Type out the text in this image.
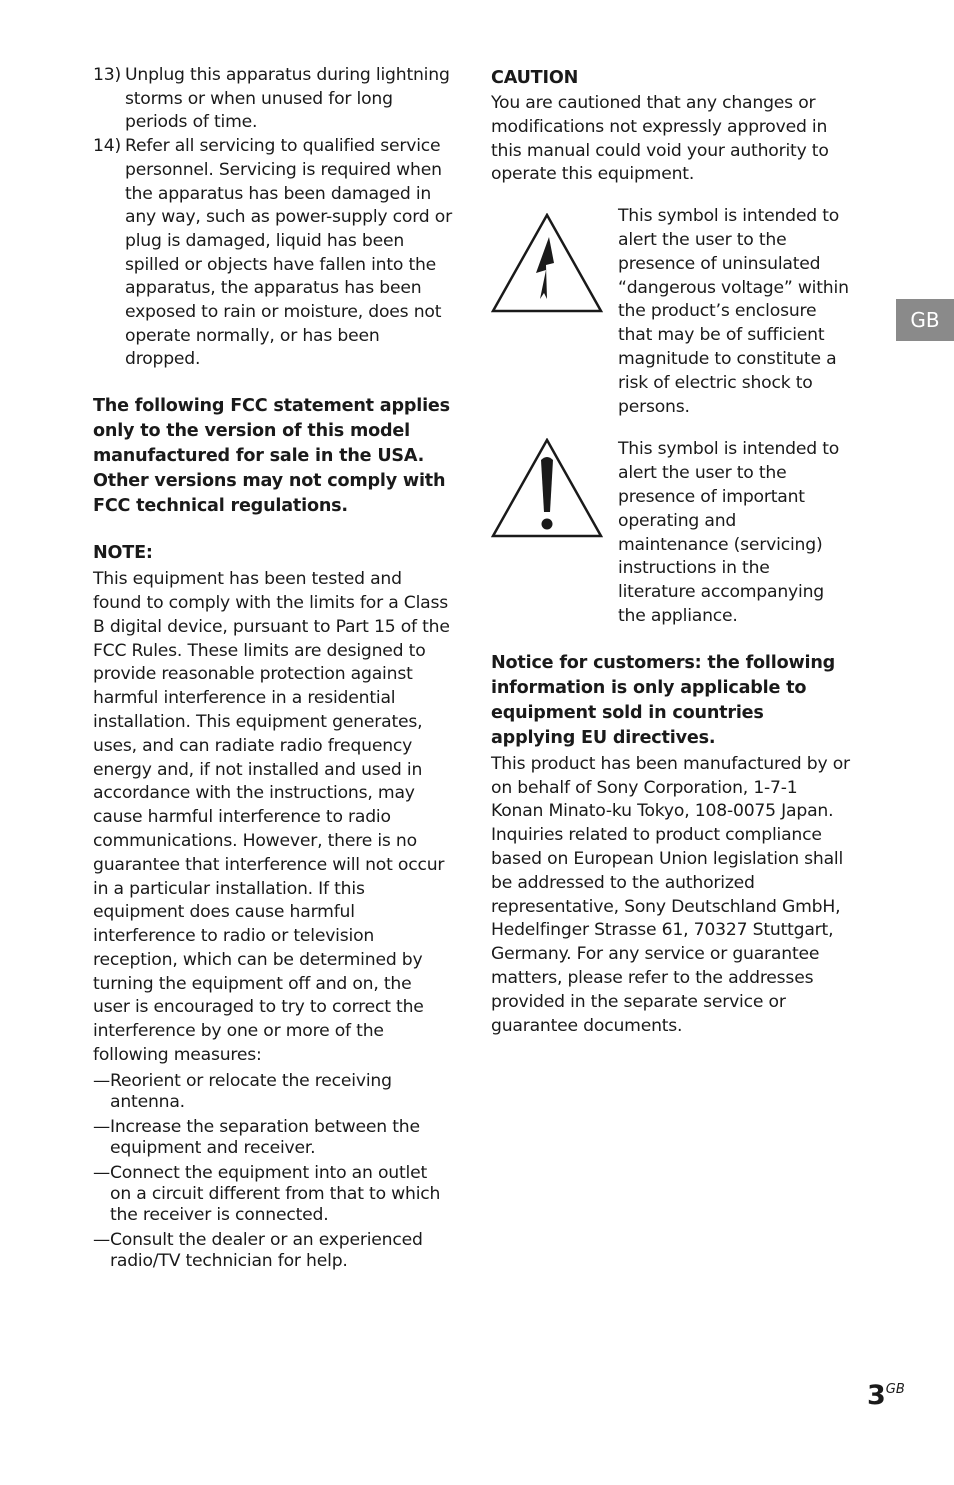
13) Unplug this apparatus during lightning storms or when unused for long periods of time.
14) Refer all servicing to qualified service personnel. Servicing is required when the apparatus has been damaged in any way, such as power-supply cord or plug is damaged, liquid has been spilled or objects have fallen into the apparatus, the apparatus has been exposed to rain or moisture, does not operate normally, or has been dropped.

The following FCC statement applies only to the version of this model manufactured for sale in the USA. Other versions may not comply with FCC technical regulations.

NOTE:

This equipment has been tested and found to comply with the limits for a Class B digital device, pursuant to Part 15 of the FCC Rules. These limits are designed to provide reasonable protection against harmful interference in a residential installation. This equipment generates, uses, and can radiate radio frequency energy and, if not installed and used in accordance with the instructions, may cause harmful interference to radio communications. However, there is no guarantee that interference will not occur in a particular installation. If this equipment does cause harmful interference to radio or television reception, which can be determined by turning the equipment off and on, the user is encouraged to try to correct the interference by one or more of the following measures:

— Reorient or relocate the receiving antenna.
— Increase the separation between the equipment and receiver.
— Connect the equipment into an outlet on a circuit different from that to which the receiver is connected.
— Consult the dealer or an experienced radio/TV technician for help.

CAUTION

You are cautioned that any changes or modifications not expressly approved in this manual could void your authority to operate this equipment.

This symbol is intended to alert the user to the presence of uninsulated “dangerous voltage” within the product’s enclosure that may be of sufficient magnitude to constitute a risk of electric shock to persons.
This symbol is intended to alert the user to the presence of important operating and maintenance (servicing) instructions in the literature accompanying the appliance.

Notice for customers: the following information is only applicable to equipment sold in countries applying EU directives.

This product has been manufactured by or on behalf of Sony Corporation, 1-7-1 Konan Minato-ku Tokyo, 108-0075 Japan. Inquiries related to product compliance based on European Union legislation shall be addressed to the authorized representative, Sony Deutschland GmbH, Hedelfinger Strasse 61, 70327 Stuttgart, Germany. For any service or guarantee matters, please refer to the addresses provided in the separate service or guarantee documents.

GB
$3^{GB}$
